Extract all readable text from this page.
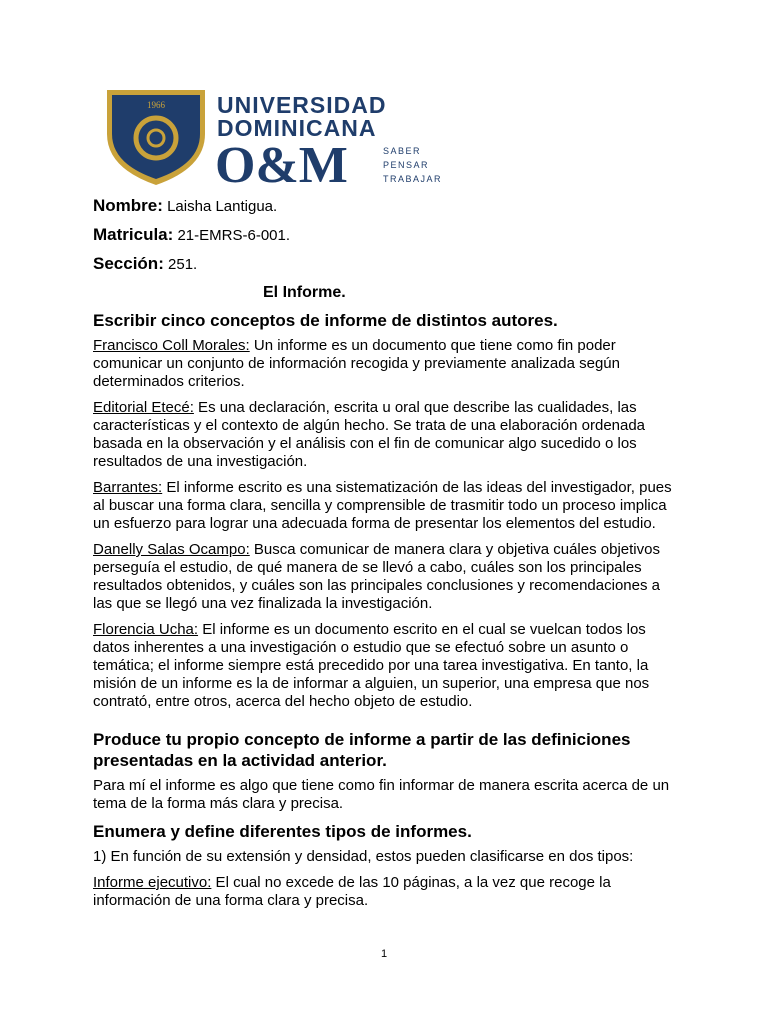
1966 UNIVERSIDAD
DOMINICANA
O&M	SABER
PENSAR
TRABAJAR
Nombre: Laisha Lantigua.
Matricula: 21-EMRS-6-001.
Sección: 251.
El Informe.
Escribir cinco conceptos de informe de distintos autores.
Francisco Coll Morales: Un informe es un documento que tiene como fin poder comunicar un conjunto de información recogida y previamente analizada según determinados criterios.
Editorial Etecé: Es una declaración, escrita u oral que describe las cualidades, las características y el contexto de algún hecho. Se trata de una elaboración ordenada basada en la observación y el análisis con el fin de comunicar algo sucedido o los resultados de una investigación.
Barrantes: El informe escrito es una sistematización de las ideas del investigador, pues al buscar una forma clara, sencilla y comprensible de trasmitir todo un proceso implica un esfuerzo para lograr una adecuada forma de presentar los elementos del estudio.
Danelly Salas Ocampo: Busca comunicar de manera clara y objetiva cuáles objetivos perseguía el estudio, de qué manera de se llevó a cabo, cuáles son los principales resultados obtenidos, y cuáles son las principales conclusiones y recomendaciones a las que se llegó una vez finalizada la investigación.
Florencia Ucha: El informe es un documento escrito en el cual se vuelcan todos los datos inherentes a una investigación o estudio que se efectuó sobre un asunto o temática; el informe siempre está precedido por una tarea investigativa. En tanto, la misión de un informe es la de informar a alguien, un superior, una empresa que nos contrató, entre otros, acerca del hecho objeto de estudio.
Produce tu propio concepto de informe a partir de las definiciones presentadas en la actividad anterior.
Para mí el informe es algo que tiene como fin informar de manera escrita acerca de un tema de la forma más clara y precisa.
Enumera y define diferentes tipos de informes.
1) En función de su extensión y densidad, estos pueden clasificarse en dos tipos:
Informe ejecutivo: El cual no excede de las 10 páginas, a la vez que recoge la información de una forma clara y precisa.
1
